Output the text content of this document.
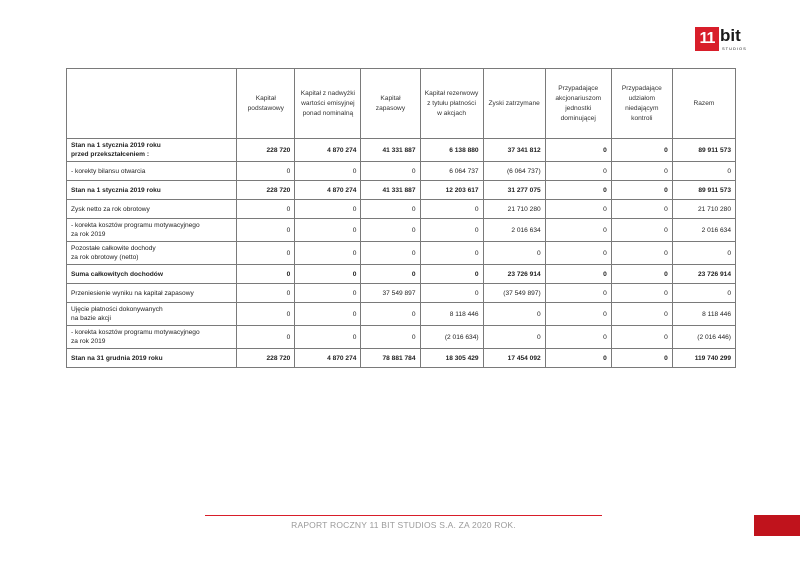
11 bit
STUDIOS
	Kapitał podstawowy	Kapitał z nadwyżki wartości emisyjnej ponad nominalną	Kapitał zapasowy	Kapitał rezerwowy z tytułu płatności w akcjach	Zyski zatrzymane	Przypadające akcjonariuszom jednostki dominującej	Przypadające udziałom niedającym kontroli	Razem
Stan na 1 stycznia 2019 roku
przed przekształceniem :	228 720	4 870 274	41 331 887	6 138 880	37 341 812	0	0	89 911 573
- korekty bilansu otwarcia	0	0	0	6 064 737	(6 064 737)	0	0	0
Stan na 1 stycznia 2019 roku	228 720	4 870 274	41 331 887	12 203 617	31 277 075	0	0	89 911 573
Zysk netto za rok obrotowy	0	0	0	0	21 710 280	0	0	21 710 280
- korekta kosztów programu motywacyjnego
za rok 2019	0	0	0	0	2 016 634	0	0	2 016 634
Pozostałe całkowite dochody
za rok obrotowy (netto)	0	0	0	0	0	0	0	0
Suma całkowitych dochodów	0	0	0	0	23 726 914	0	0	23 726 914
Przeniesienie wyniku na kapitał zapasowy	0	0	37 549 897	0	(37 549 897)	0	0	0
Ujęcie płatności dokonywanych
na bazie akcji	0	0	0	8 118 446	0	0	0	8 118 446
- korekta kosztów programu motywacyjnego
za rok 2019	0	0	0	(2 016 634)	0	0	0	(2 016 446)
Stan na 31 grudnia 2019 roku	228 720	4 870 274	78 881 784	18 305 429	17 454 092	0	0	119 740 299
RAPORT ROCZNY 11 BIT STUDIOS S.A. ZA 2020 ROK.
